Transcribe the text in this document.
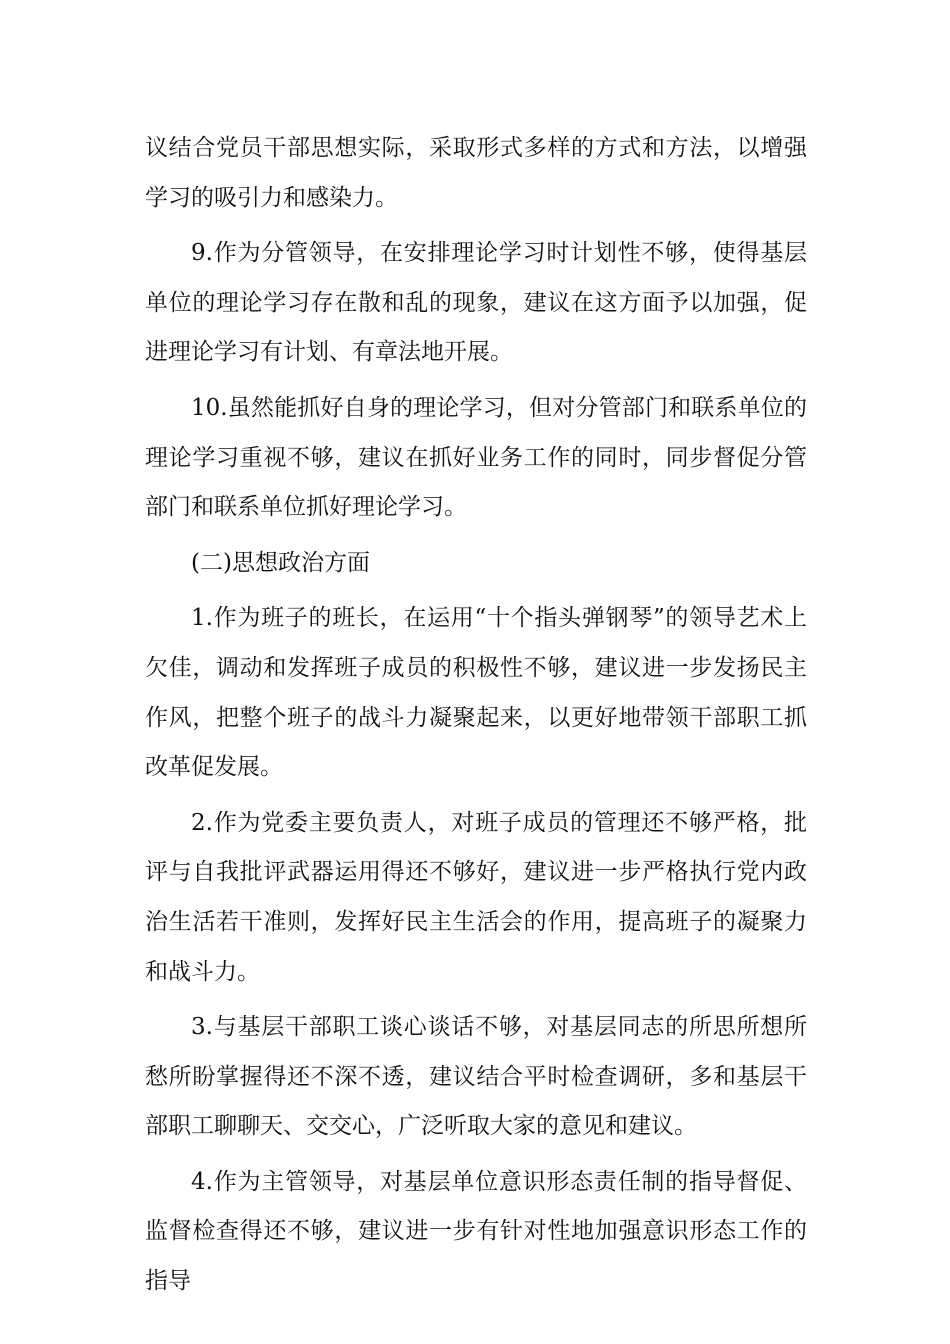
议结合党员干部思想实际，采取形式多样的方式和方法，以增强学习的吸引力和感染力。

9.作为分管领导，在安排理论学习时计划性不够，使得基层单位的理论学习存在散和乱的现象，建议在这方面予以加强，促进理论学习有计划、有章法地开展。

10.虽然能抓好自身的理论学习，但对分管部门和联系单位的理论学习重视不够，建议在抓好业务工作的同时，同步督促分管部门和联系单位抓好理论学习。

(二)思想政治方面

1.作为班子的班长，在运用“十个指头弹钢琴”的领导艺术上欠佳，调动和发挥班子成员的积极性不够，建议进一步发扬民主作风，把整个班子的战斗力凝聚起来，以更好地带领干部职工抓改革促发展。

2.作为党委主要负责人，对班子成员的管理还不够严格，批评与自我批评武器运用得还不够好，建议进一步严格执行党内政治生活若干准则，发挥好民主生活会的作用，提高班子的凝聚力和战斗力。

3.与基层干部职工谈心谈话不够，对基层同志的所思所想所愁所盼掌握得还不深不透，建议结合平时检查调研，多和基层干部职工聊聊天、交交心，广泛听取大家的意见和建议。

4.作为主管领导，对基层单位意识形态责任制的指导督促、监督检查得还不够，建议进一步有针对性地加强意识形态工作的指导
